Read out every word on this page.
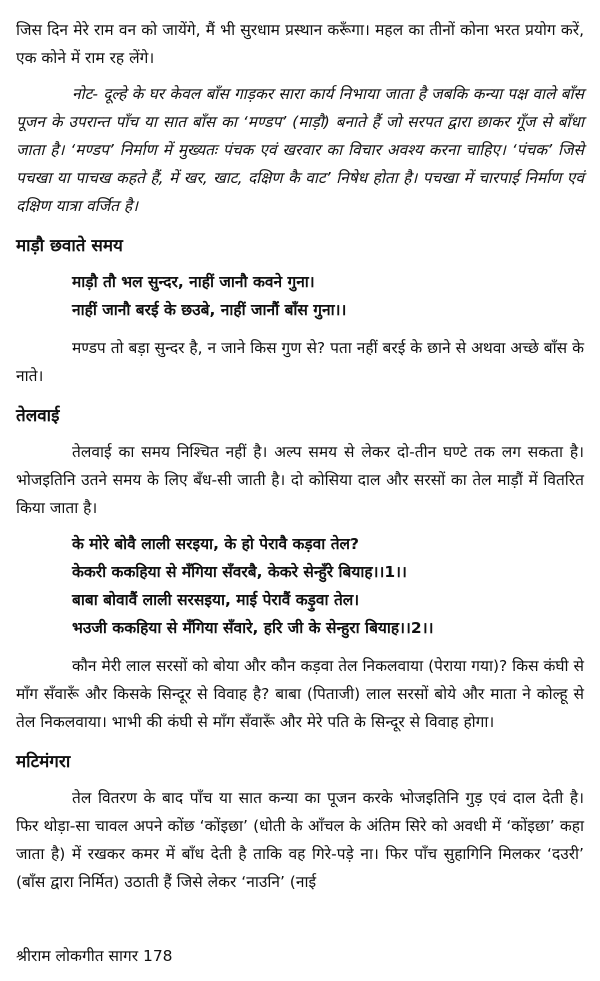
जिस दिन मेरे राम वन को जायेंगे, मैं भी सुरधाम प्रस्थान करूँगा। महल का तीनों कोना भरत प्रयोग करें, एक कोने में राम रह लेंगे।

नोट- दूल्हे के घर केवल बाँस गाड़कर सारा कार्य निभाया जाता है जबकि कन्या पक्ष वाले बाँस पूजन के उपरान्त पाँच या सात बाँस का ‘मण्डप’ (माड़ौ) बनाते हैं जो सरपत द्वारा छाकर गूँज से बाँधा जाता है। ‘मण्डप’ निर्माण में मुख्यतः पंचक एवं खरवार का विचार अवश्य करना चाहिए। ‘पंचक’ जिसे पचखा या पाचख कहते हैं, में खर, खाट, दक्षिण कै वाट’ निषेध होता है। पचखा में चारपाई निर्माण एवं दक्षिण यात्रा वर्जित है।

माड़ौ छवाते समय
माड़ौ तौ भल सुन्दर, नाहीं जानौ कवने गुना।
नाहीं जानौ बरई के छउबे, नाहीं जानौं बाँस गुना।।

मण्डप तो बड़ा सुन्दर है, न जाने किस गुण से? पता नहीं बरई के छाने से अथवा अच्छे बाँस के नाते।

तेलवाई

तेलवाई का समय निश्चित नहीं है। अल्प समय से लेकर दो-तीन घण्टे तक लग सकता है। भोजइतिनि उतने समय के लिए बँध-सी जाती है। दो कोसिया दाल और सरसों का तेल माड़ौं में वितरित किया जाता है।

के मोरे बोवै लाली सरइया, के हो पेरावै कड़वा तेल?
केकरी ककहिया से मँगिया सँवरबै, केकरे सेन्हुँरे बियाह।।1।।
बाबा बोवावैं लाली सरसइया, माई पेरावैं कड़ुवा तेल।
भउजी ककहिया से मँगिया सँवारे, हरि जी के सेन्हुरा बियाह।।2।।

कौन मेरी लाल सरसों को बोया और कौन कड़वा तेल निकलवाया (पेराया गया)? किस कंघी से माँग सँवारूँ और किसके सिन्दूर से विवाह है? बाबा (पिताजी) लाल सरसों बोये और माता ने कोल्हू से तेल निकलवाया। भाभी की कंघी से माँग सँवारूँ और मेरे पति के सिन्दूर से विवाह होगा।

मटिमंगरा

तेल वितरण के बाद पाँच या सात कन्या का पूजन करके भोजइतिनि गुड़ एवं दाल देती है। फिर थोड़ा-सा चावल अपने कोंछ ‘कोंइछा’ (धोती के आँचल के अंतिम सिरे को अवधी में ‘कोंइछा’ कहा जाता है) में रखकर कमर में बाँध देती है ताकि वह गिरे-पड़े ना। फिर पाँच सुहागिनि मिलकर ‘दउरी’ (बाँस द्वारा निर्मित) उठाती हैं जिसे लेकर ‘नाउनि’ (नाई

श्रीराम लोकगीत सागर 178
